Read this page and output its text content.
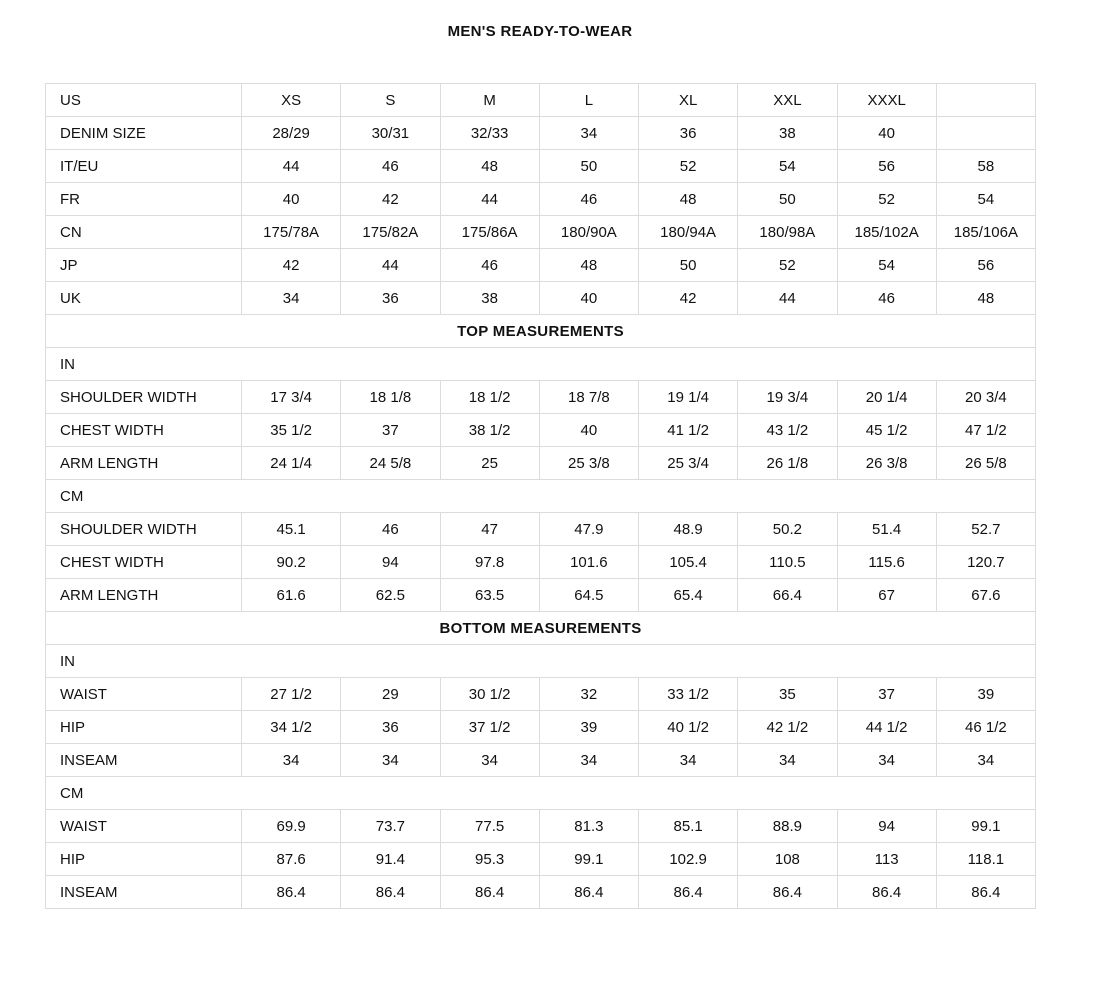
MEN'S READY-TO-WEAR
US	XS	S	M	L	XL	XXL	XXXL	
DENIM SIZE	28/29	30/31	32/33	34	36	38	40	
IT/EU	44	46	48	50	52	54	56	58
FR	40	42	44	46	48	50	52	54
CN	175/78A	175/82A	175/86A	180/90A	180/94A	180/98A	185/102A	185/106A
JP	42	44	46	48	50	52	54	56
UK	34	36	38	40	42	44	46	48
TOP MEASUREMENTS								
IN								
SHOULDER WIDTH	17 3/4	18 1/8	18 1/2	18 7/8	19 1/4	19 3/4	20 1/4	20 3/4
CHEST WIDTH	35 1/2	37	38 1/2	40	41 1/2	43 1/2	45 1/2	47 1/2
ARM LENGTH	24 1/4	24 5/8	25	25 3/8	25 3/4	26 1/8	26 3/8	26 5/8
CM								
SHOULDER WIDTH	45.1	46	47	47.9	48.9	50.2	51.4	52.7
CHEST WIDTH	90.2	94	97.8	101.6	105.4	110.5	115.6	120.7
ARM LENGTH	61.6	62.5	63.5	64.5	65.4	66.4	67	67.6
BOTTOM MEASUREMENTS								
IN								
WAIST	27 1/2	29	30 1/2	32	33 1/2	35	37	39
HIP	34 1/2	36	37 1/2	39	40 1/2	42 1/2	44 1/2	46 1/2
INSEAM	34	34	34	34	34	34	34	34
CM								
WAIST	69.9	73.7	77.5	81.3	85.1	88.9	94	99.1
HIP	87.6	91.4	95.3	99.1	102.9	108	113	118.1
INSEAM	86.4	86.4	86.4	86.4	86.4	86.4	86.4	86.4
